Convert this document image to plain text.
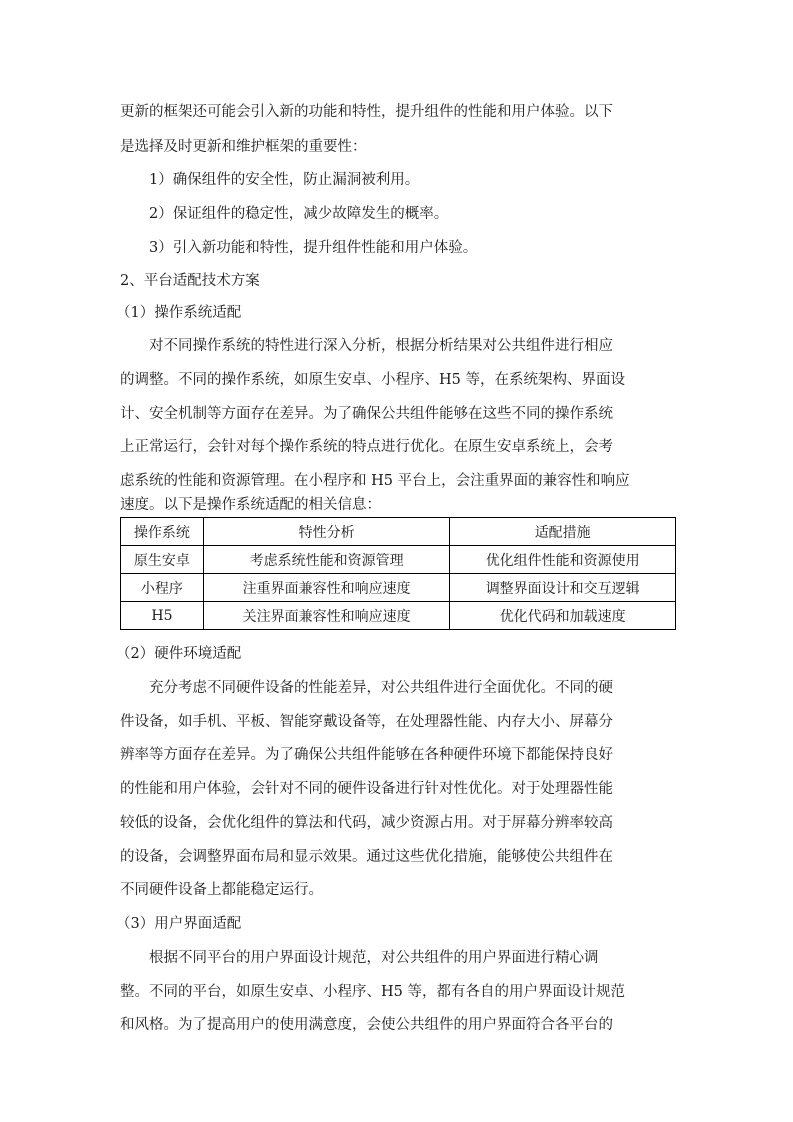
更新的框架还可能会引入新的功能和特性，提升组件的性能和用户体验。以下
是选择及时更新和维护框架的重要性：
1）确保组件的安全性，防止漏洞被利用。
2）保证组件的稳定性，减少故障发生的概率。
3）引入新功能和特性，提升组件性能和用户体验。
2、平台适配技术方案
（1）操作系统适配
对不同操作系统的特性进行深入分析，根据分析结果对公共组件进行相应
的调整。不同的操作系统，如原生安卓、小程序、H5 等，在系统架构、界面设
计、安全机制等方面存在差异。为了确保公共组件能够在这些不同的操作系统
上正常运行，会针对每个操作系统的特点进行优化。在原生安卓系统上，会考
虑系统的性能和资源管理。在小程序和 H5 平台上，会注重界面的兼容性和响应
速度。以下是操作系统适配的相关信息：
操作系统	特性分析	适配措施
原生安卓	考虑系统性能和资源管理	优化组件性能和资源使用
小程序	注重界面兼容性和响应速度	调整界面设计和交互逻辑
H5	关注界面兼容性和响应速度	优化代码和加载速度
（2）硬件环境适配
充分考虑不同硬件设备的性能差异，对公共组件进行全面优化。不同的硬
件设备，如手机、平板、智能穿戴设备等，在处理器性能、内存大小、屏幕分
辨率等方面存在差异。为了确保公共组件能够在各种硬件环境下都能保持良好
的性能和用户体验，会针对不同的硬件设备进行针对性优化。对于处理器性能
较低的设备，会优化组件的算法和代码，减少资源占用。对于屏幕分辨率较高
的设备，会调整界面布局和显示效果。通过这些优化措施，能够使公共组件在
不同硬件设备上都能稳定运行。
（3）用户界面适配
根据不同平台的用户界面设计规范，对公共组件的用户界面进行精心调
整。不同的平台，如原生安卓、小程序、H5 等，都有各自的用户界面设计规范
和风格。为了提高用户的使用满意度，会使公共组件的用户界面符合各平台的
